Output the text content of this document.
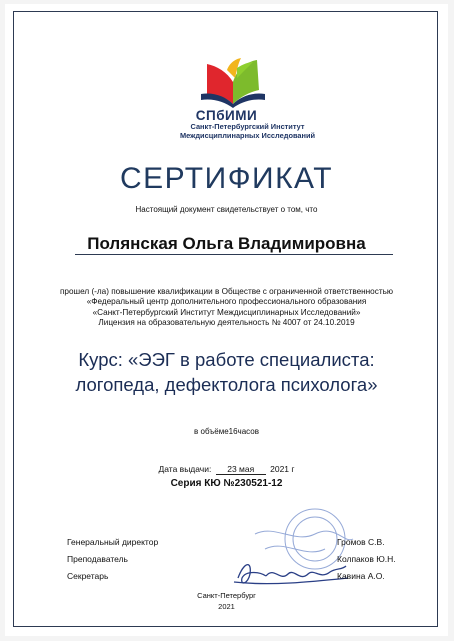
СПбИМИ
Санкт-Петербургский Институт
Междисциплинарных Исследований
СЕРТИФИКАТ
Настоящий документ свидетельствует о том, что
Полянская Ольга Владимировна
прошел (-ла) повышение квалификации в Обществе с ограниченной ответственностью
«Федеральный центр дополнительного профессионального образования
«Санкт-Петербургский Институт Междисциплинарных Исследований»
Лицензия на образовательную деятельность № 4007 от 24.10.2019
Курс: «ЭЭГ в работе специалиста:
логопеда, дефектолога психолога»
в объёме16часов
Дата выдачи: 23 мая 2021 г
Серия КЮ №230521-12
Генеральный директор	Громов С.В.
Преподаватель	Колпаков Ю.Н.
Секретарь	Кавина А.О.
Санкт-Петербург
2021
